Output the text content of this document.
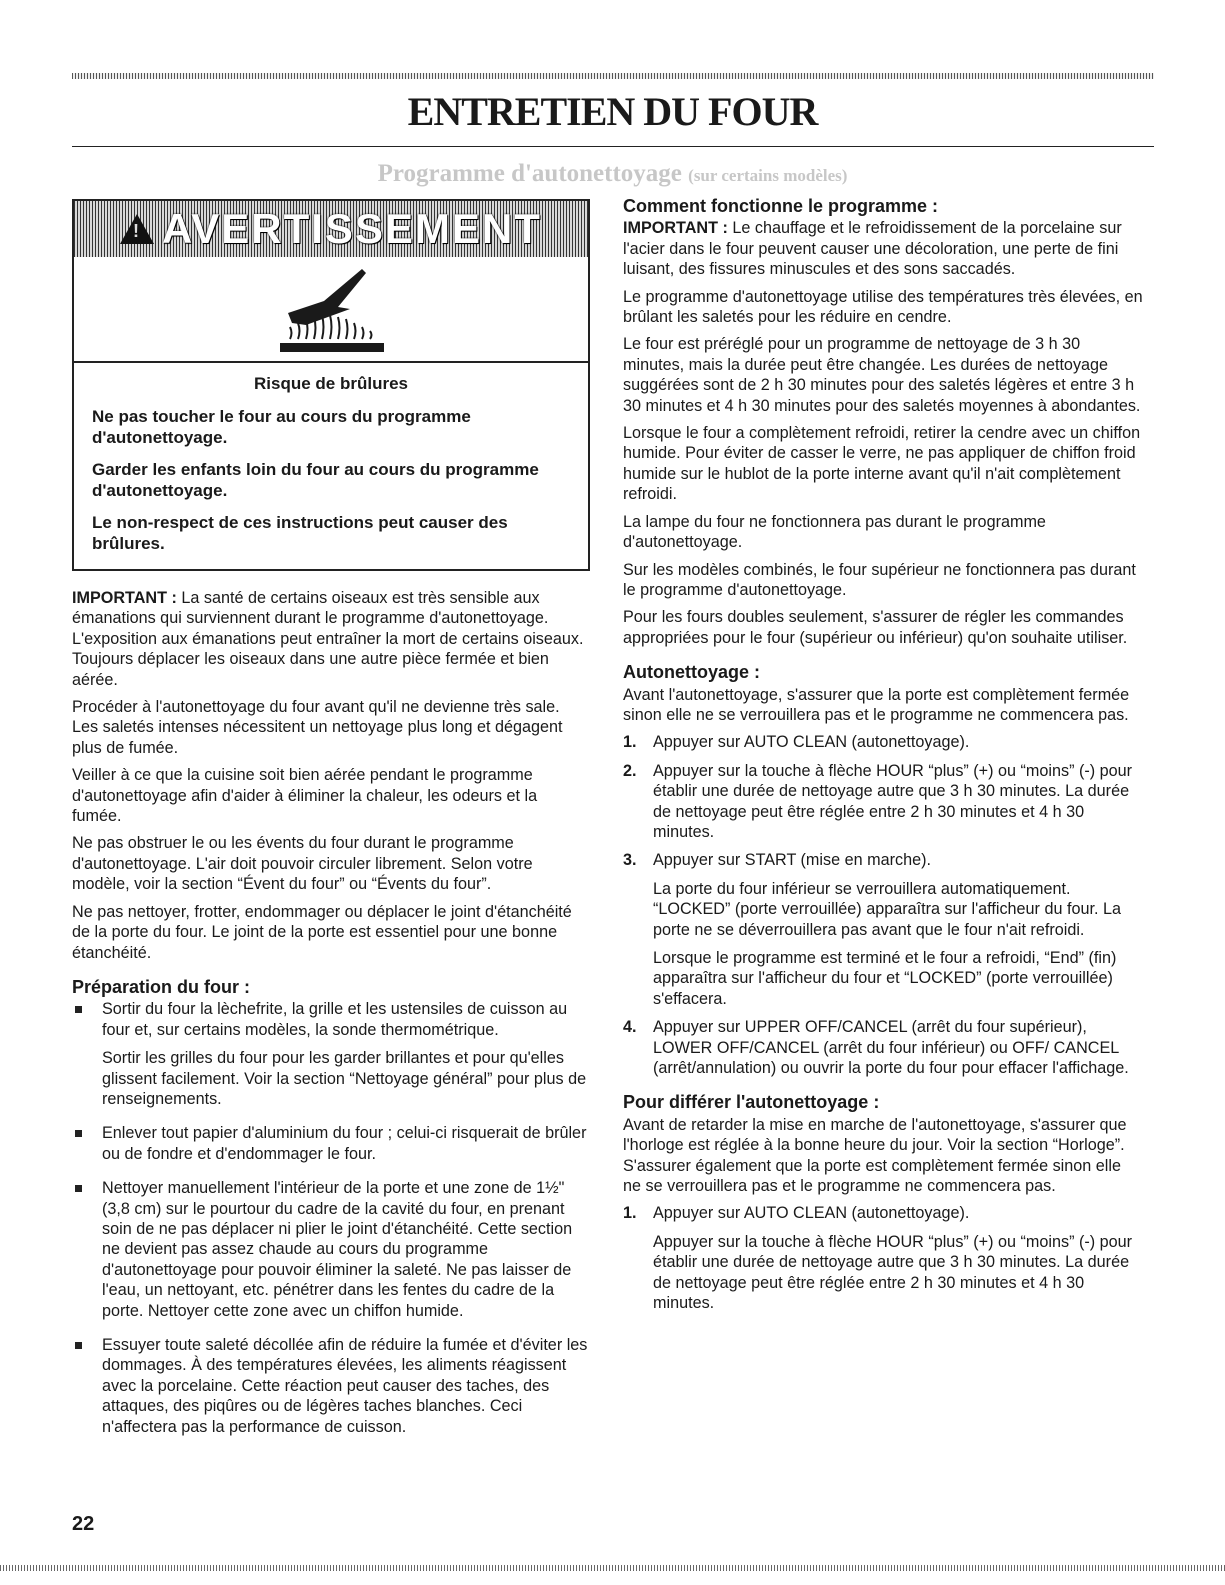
ENTRETIEN DU FOUR
Programme d'autonettoyage (sur certains modèles)
! AVERTISSEMENT

Risque de brûlures

Ne pas toucher le four au cours du programme d'autonettoyage.

Garder les enfants loin du four au cours du programme d'autonettoyage.

Le non-respect de ces instructions peut causer des brûlures.

IMPORTANT : La santé de certains oiseaux est très sensible aux émanations qui surviennent durant le programme d'autonettoyage. L'exposition aux émanations peut entraîner la mort de certains oiseaux. Toujours déplacer les oiseaux dans une autre pièce fermée et bien aérée.

Procéder à l'autonettoyage du four avant qu'il ne devienne très sale. Les saletés intenses nécessitent un nettoyage plus long et dégagent plus de fumée.

Veiller à ce que la cuisine soit bien aérée pendant le programme d'autonettoyage afin d'aider à éliminer la chaleur, les odeurs et la fumée.

Ne pas obstruer le ou les évents du four durant le programme d'autonettoyage. L'air doit pouvoir circuler librement. Selon votre modèle, voir la section “Évent du four” ou “Évents du four”.

Ne pas nettoyer, frotter, endommager ou déplacer le joint d'étanchéité de la porte du four. Le joint de la porte est essentiel pour une bonne étanchéité.

Préparation du four :

Sortir du four la lèchefrite, la grille et les ustensiles de cuisson au four et, sur certains modèles, la sonde thermométrique.

Sortir les grilles du four pour les garder brillantes et pour qu'elles glissent facilement. Voir la section “Nettoyage général” pour plus de renseignements.

Enlever tout papier d'aluminium du four ; celui-ci risquerait de brûler ou de fondre et d'endommager le four.

Nettoyer manuellement l'intérieur de la porte et une zone de 1½" (3,8 cm) sur le pourtour du cadre de la cavité du four, en prenant soin de ne pas déplacer ni plier le joint d'étanchéité. Cette section ne devient pas assez chaude au cours du programme d'autonettoyage pour pouvoir éliminer la saleté. Ne pas laisser de l'eau, un nettoyant, etc. pénétrer dans les fentes du cadre de la porte. Nettoyer cette zone avec un chiffon humide.

Essuyer toute saleté décollée afin de réduire la fumée et d'éviter les dommages. À des températures élevées, les aliments réagissent avec la porcelaine. Cette réaction peut causer des taches, des attaques, des piqûres ou de légères taches blanches. Ceci n'affectera pas la performance de cuisson.

Comment fonctionne le programme :

IMPORTANT : Le chauffage et le refroidissement de la porcelaine sur l'acier dans le four peuvent causer une décoloration, une perte de fini luisant, des fissures minuscules et des sons saccadés.

Le programme d'autonettoyage utilise des températures très élevées, en brûlant les saletés pour les réduire en cendre.

Le four est préréglé pour un programme de nettoyage de 3 h 30 minutes, mais la durée peut être changée. Les durées de nettoyage suggérées sont de 2 h 30 minutes pour des saletés légères et entre 3 h 30 minutes et 4 h 30 minutes pour des saletés moyennes à abondantes.

Lorsque le four a complètement refroidi, retirer la cendre avec un chiffon humide. Pour éviter de casser le verre, ne pas appliquer de chiffon froid humide sur le hublot de la porte interne avant qu'il n'ait complètement refroidi.

La lampe du four ne fonctionnera pas durant le programme d'autonettoyage.

Sur les modèles combinés, le four supérieur ne fonctionnera pas durant le programme d'autonettoyage.

Pour les fours doubles seulement, s'assurer de régler les commandes appropriées pour le four (supérieur ou inférieur) qu'on souhaite utiliser.

Autonettoyage :

Avant l'autonettoyage, s'assurer que la porte est complètement fermée sinon elle ne se verrouillera pas et le programme ne commencera pas.

1. Appuyer sur AUTO CLEAN (autonettoyage).

2. Appuyer sur la touche à flèche HOUR “plus” (+) ou “moins” (-) pour établir une durée de nettoyage autre que 3 h 30 minutes. La durée de nettoyage peut être réglée entre 2 h 30 minutes et 4 h 30 minutes.

3. Appuyer sur START (mise en marche).

La porte du four inférieur se verrouillera automatiquement. “LOCKED” (porte verrouillée) apparaîtra sur l'afficheur du four. La porte ne se déverrouillera pas avant que le four n'ait refroidi.

Lorsque le programme est terminé et le four a refroidi, “End” (fin) apparaîtra sur l'afficheur du four et “LOCKED” (porte verrouillée) s'effacera.

4. Appuyer sur UPPER OFF/CANCEL (arrêt du four supérieur), LOWER OFF/CANCEL (arrêt du four inférieur) ou OFF/ CANCEL (arrêt/annulation) ou ouvrir la porte du four pour effacer l'affichage.

Pour différer l'autonettoyage :

Avant de retarder la mise en marche de l'autonettoyage, s'assurer que l'horloge est réglée à la bonne heure du jour. Voir la section “Horloge”. S'assurer également que la porte est complètement fermée sinon elle ne se verrouillera pas et le programme ne commencera pas.

1. Appuyer sur AUTO CLEAN (autonettoyage).

Appuyer sur la touche à flèche HOUR “plus” (+) ou “moins” (-) pour établir une durée de nettoyage autre que 3 h 30 minutes. La durée de nettoyage peut être réglée entre 2 h 30 minutes et 4 h 30 minutes.

22
